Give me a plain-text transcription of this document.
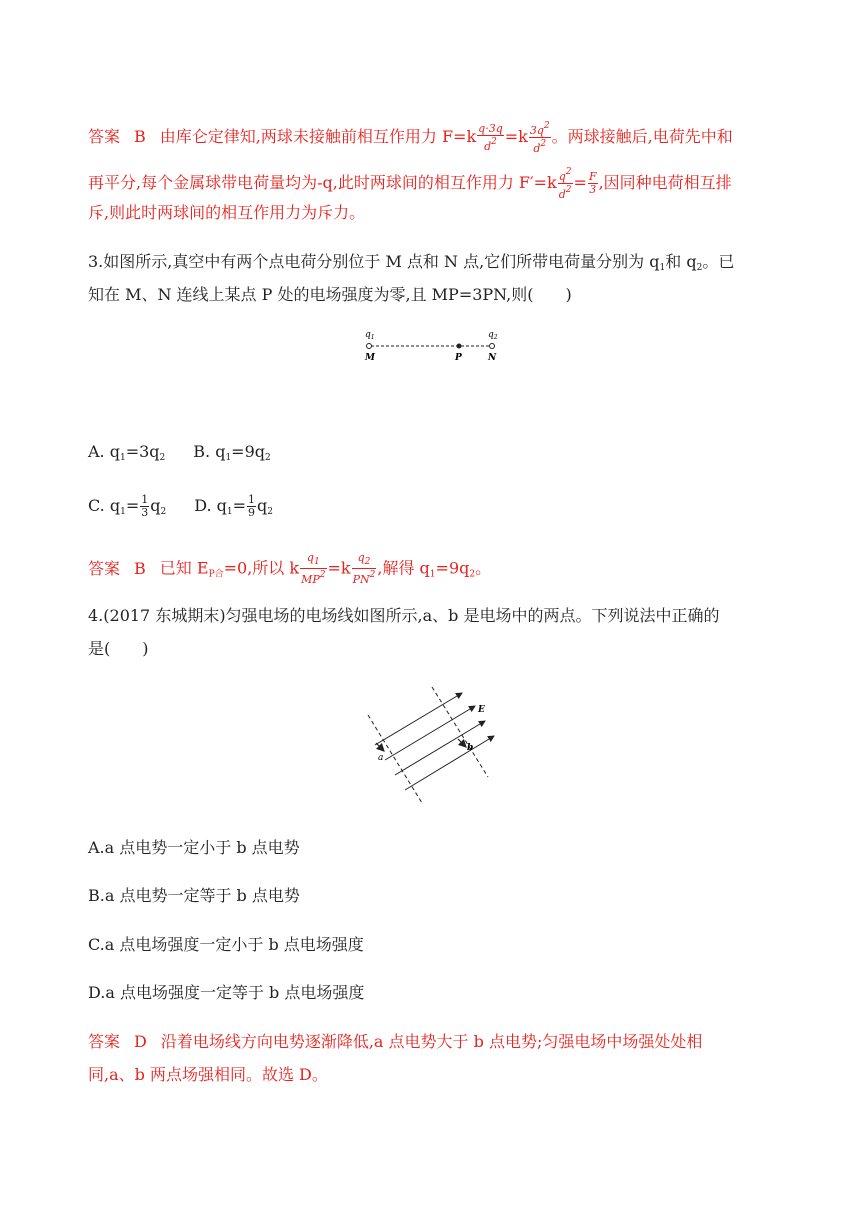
答案 B 由库仑定律知,两球未接触前相互作用力 $F=k \frac{q\cdot 3q}{d^2} =k \frac{3q^2}{d^2}$ 。两球接触后,电荷先中和
再平分,每个金属球带电荷量均为-q,此时两球间的相互作用力 $F'=k \frac{q^2}{d^2} = \frac{F}{3}$ ,因同种电荷相互排
斥,则此时两球间的相互作用力为斥力。
3.如图所示,真空中有两个点电荷分别位于 M 点和 N 点,它们所带电荷量分别为 $q_1$和 $q_2$。已
知在 M、N 连线上某点 P 处的电场强度为零,且 MP=3PN,则(　　)
$q_1$	$q_2$
M	P	N
A. $q_1=3q_2$ B. $q_1=9q_2$
C. $q_1= \frac{1}{3} q_2$ D. $q_1= \frac{1}{9} q_2$
答案 B 已知 $E_{P合}=0$,所以 k $\frac{q_1}{MP^2} =k \frac{q_2}{PN^2}$ ,解得 $q_1=9q_2$。
4.(2017 东城期末)匀强电场的电场线如图所示,a、b 是电场中的两点。下列说法中正确的
是(　　)
E
a
b
A.a 点电势一定小于 b 点电势
B.a 点电势一定等于 b 点电势
C.a 点电场强度一定小于 b 点电场强度
D.a 点电场强度一定等于 b 点电场强度
答案 D 沿着电场线方向电势逐渐降低,a 点电势大于 b 点电势;匀强电场中场强处处相
同,a、b 两点场强相同。故选 D。
